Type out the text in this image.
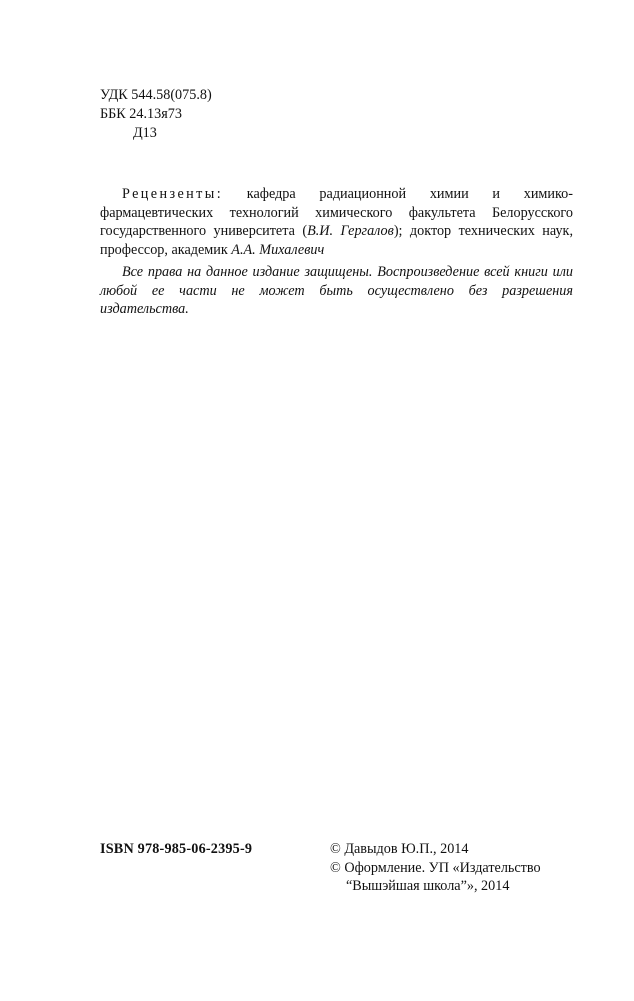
УДК 544.58(075.8)
ББК 24.13я73
Д13
Рецензенты: кафедра радиационной химии и химико-фармацевтических технологий химического факультета Белорусского государственного университета (В.И. Гергалов); доктор технических наук, профессор, академик А.А. Михалевич
Все права на данное издание защищены. Воспроизведение всей книги или любой ее части не может быть осуществлено без разрешения издательства.
ISBN 978-985-06-2395-9	© Давыдов Ю.П., 2014
© Оформление. УП «Издательство
“Вышэйшая школа”», 2014
